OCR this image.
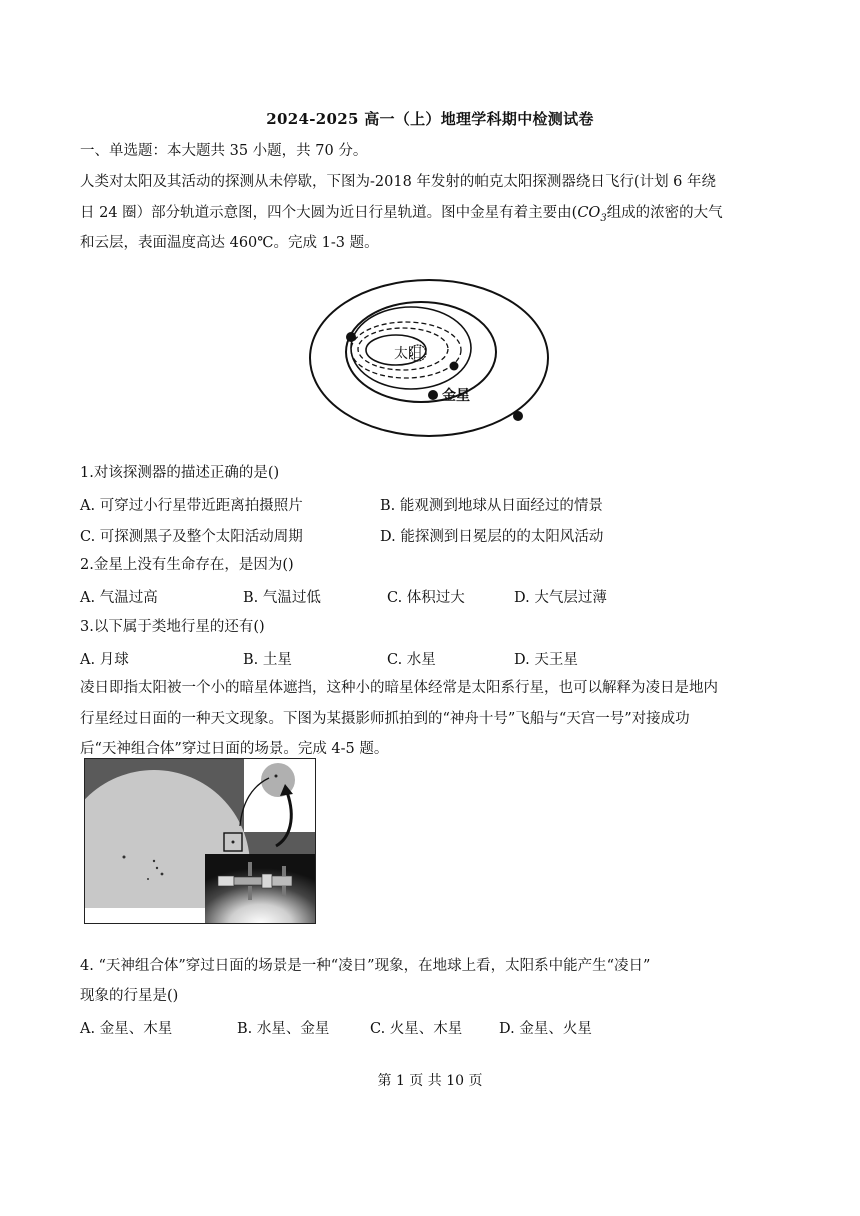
2024-2025 高一（上）地理学科期中检测试卷
一、单选题：本大题共 35 小题，共 70 分。
人类对太阳及其活动的探测从未停歇，下图为-2018 年发射的帕克太阳探测器绕日飞行(计划 6 年绕
日 24 圈）部分轨道示意图，四个大圆为近日行星轨道。图中金星有着主要由($CO_3$组成的浓密的大气
和云层，表面温度高达 460℃。完成 1-3 题。
太阳
金星
1.对该探测器的描述正确的是()
A. 可穿过小行星带近距离拍摄照片	B. 能观测到地球从日面经过的情景
C. 可探测黑子及整个太阳活动周期	D. 能探测到日冕层的的太阳风活动
2.金星上没有生命存在，是因为()
A. 气温过高	B. 气温过低	C. 体积过大	D. 大气层过薄
3.以下属于类地行星的还有()
A. 月球	B. 土星	C. 水星	D. 天王星
凌日即指太阳被一个小的暗星体遮挡，这种小的暗星体经常是太阳系行星，也可以解释为凌日是地内
行星经过日面的一种天文现象。下图为某摄影师抓拍到的“神舟十号”飞船与“天宫一号”对接成功
后“天神组合体”穿过日面的场景。完成 4-5 题。
4. “天神组合体”穿过日面的场景是一种“凌日”现象，在地球上看，太阳系中能产生“凌日”
现象的行星是()
A. 金星、木星	B. 水星、金星	C. 火星、木星	D. 金星、火星
第 1 页 共 10 页
